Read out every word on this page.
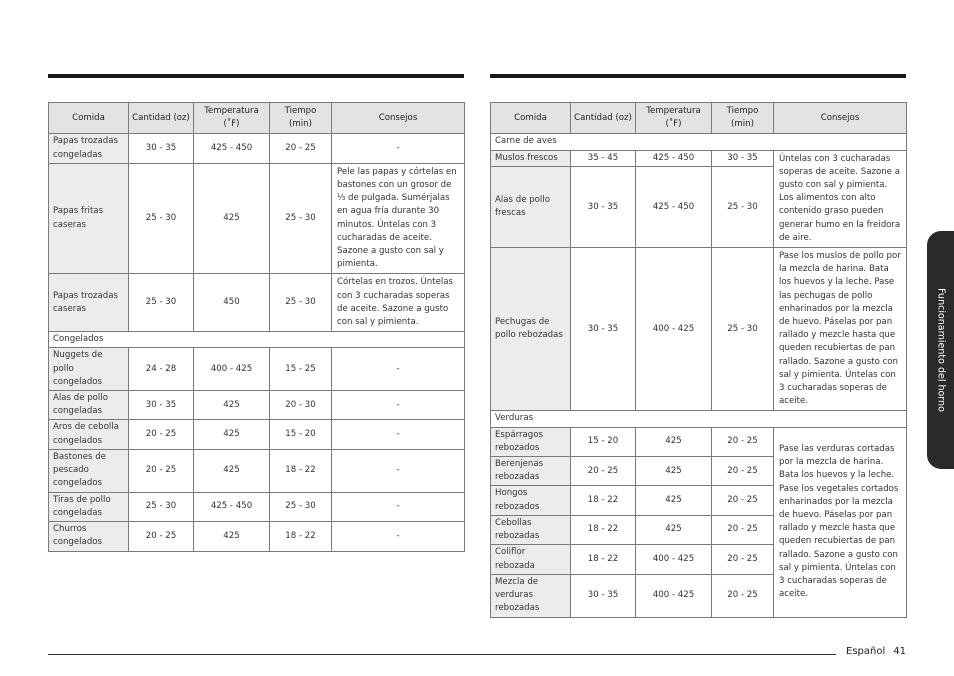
Comida	Cantidad (oz)	Temperatura (˚F)	Tiempo (min)	Consejos
Papas trozadas congeladas	30 - 35	425 - 450	20 - 25	-
Papas fritas caseras	25 - 30	425	25 - 30	Pele las papas y córtelas en bastones con un grosor de ⅓ de pulgada. Sumérjalas en agua fría durante 30 minutos. Úntelas con 3 cucharadas de aceite. Sazone a gusto con sal y pimienta.
Papas trozadas caseras	25 - 30	450	25 - 30	Córtelas en trozos. Úntelas con 3 cucharadas soperas de aceite. Sazone a gusto con sal y pimienta.
Congelados				
Nuggets de pollo congelados	24 - 28	400 - 425	15 - 25	-
Alas de pollo congeladas	30 - 35	425	20 - 30	-
Aros de cebolla congelados	20 - 25	425	15 - 20	-
Bastones de pescado congelados	20 - 25	425	18 - 22	-
Tiras de pollo congeladas	25 - 30	425 - 450	25 - 30	-
Churros congelados	20 - 25	425	18 - 22	-
Comida	Cantidad (oz)	Temperatura (˚F)	Tiempo (min)	Consejos
Carne de aves				
Muslos frescos	35 - 45	425 - 450	30 - 35	Úntelas con 3 cucharadas soperas de aceite. Sazone a gusto con sal y pimienta. Los alimentos con alto contenido graso pueden generar humo en la freidora de aire.
Alas de pollo frescas	30 - 35	425 - 450	25 - 30	
Pechugas de pollo rebozadas	30 - 35	400 - 425	25 - 30	Pase los muslos de pollo por la mezcla de harina. Bata los huevos y la leche. Pase las pechugas de pollo enharinados por la mezcla de huevo. Páselas por pan rallado y mezcle hasta que queden recubiertas de pan rallado. Sazone a gusto con sal y pimienta. Úntelas con 3 cucharadas soperas de aceite.
Verduras				
Espárragos rebozados	15 - 20	425	20 - 25	Pase las verduras cortadas por la mezcla de harina. Bata los huevos y la leche. Pase los vegetales cortados enharinados por la mezcla de huevo. Páselas por pan rallado y mezcle hasta que queden recubiertas de pan rallado. Sazone a gusto con sal y pimienta. Úntelas con 3 cucharadas soperas de aceite.
Berenjenas rebozadas	20 - 25	425	20 - 25	
Hongos rebozados	18 - 22	425	20 - 25	
Cebollas rebozadas	18 - 22	425	20 - 25	
Coliflor rebozada	18 - 22	400 - 425	20 - 25	
Mezcla de verduras rebozadas	30 - 35	400 - 425	20 - 25	
Funcionamiento del horno
Español 41
